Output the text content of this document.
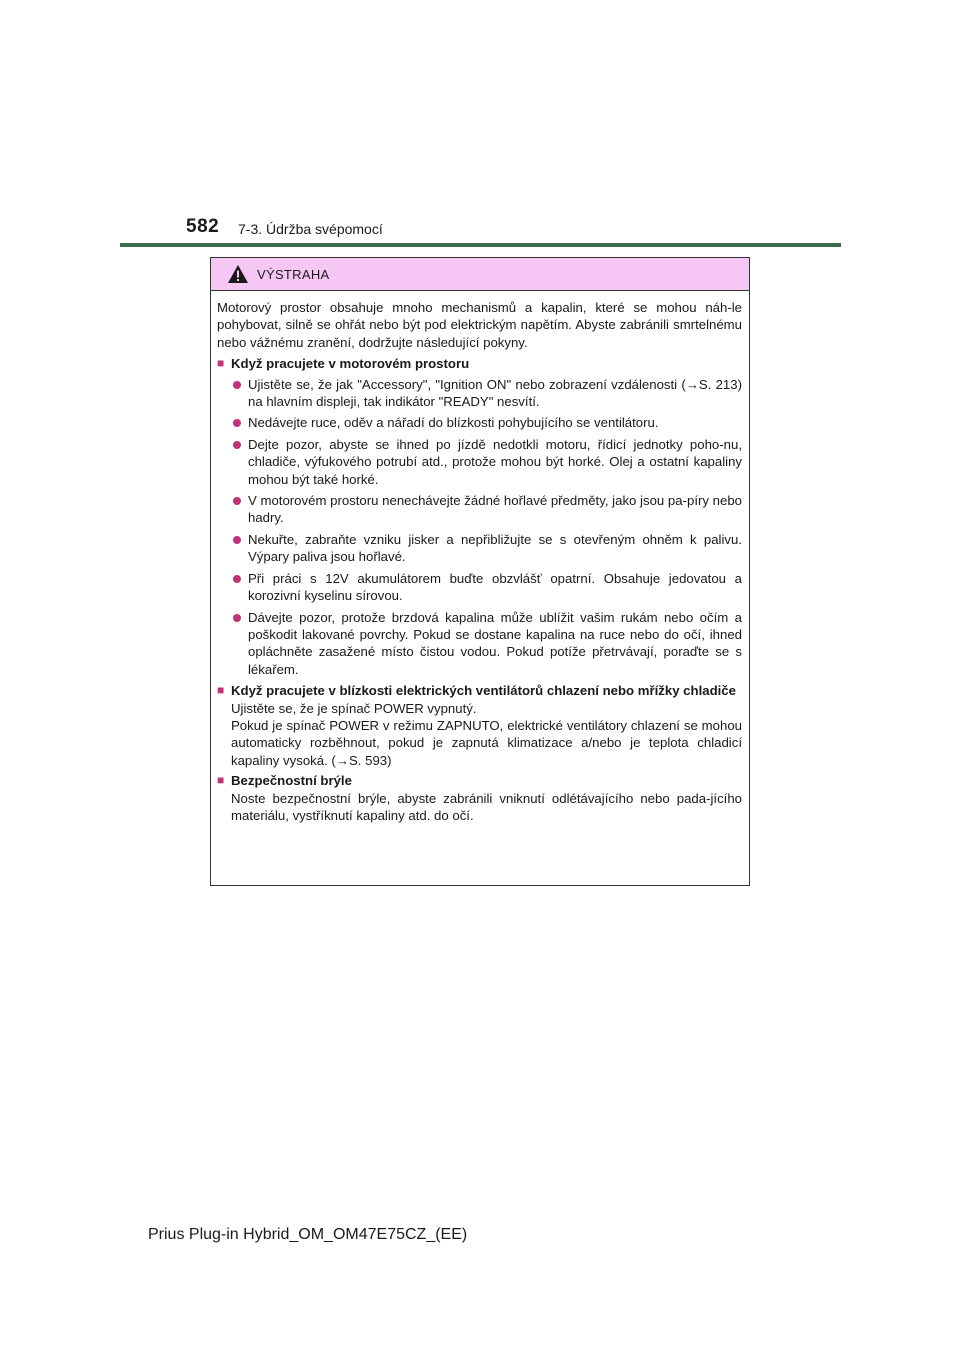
582 7-3. Údržba svépomocí
VÝSTRAHA

Motorový prostor obsahuje mnoho mechanismů a kapalin, které se mohou náh-le pohybovat, silně se ohřát nebo být pod elektrickým napětím. Abyste zabránili smrtelnému nebo vážnému zranění, dodržujte následující pokyny.

■ Když pracujete v motorovém prostoru
Ujistěte se, že jak "Accessory", "Ignition ON" nebo zobrazení vzdálenosti (→S. 213) na hlavním displeji, tak indikátor "READY" nesvítí.
Nedávejte ruce, oděv a nářadí do blízkosti pohybujícího se ventilátoru.
Dejte pozor, abyste se ihned po jízdě nedotkli motoru, řídicí jednotky poho-nu, chladiče, výfukového potrubí atd., protože mohou být horké. Olej a ostatní kapaliny mohou být také horké.
V motorovém prostoru nenechávejte žádné hořlavé předměty, jako jsou pa-píry nebo hadry.
Nekuřte, zabraňte vzniku jisker a nepřibližujte se s otevřeným ohněm k palivu. Výpary paliva jsou hořlavé.
Při práci s 12V akumulátorem buďte obzvlášť opatrní. Obsahuje jedovatou a korozivní kyselinu sírovou.
Dávejte pozor, protože brzdová kapalina může ublížit vašim rukám nebo očím a poškodit lakované povrchy. Pokud se dostane kapalina na ruce nebo do očí, ihned opláchněte zasažené místo čistou vodou. Pokud potíže přetrvávají, poraďte se s lékařem.
■ Když pracujete v blízkosti elektrických ventilátorů chlazení nebo mřížky chladiče
Ujistěte se, že je spínač POWER vypnutý.
Pokud je spínač POWER v režimu ZAPNUTO, elektrické ventilátory chlazení se mohou automaticky rozběhnout, pokud je zapnutá klimatizace a/nebo je teplota chladicí kapaliny vysoká. (→S. 593)
■ Bezpečnostní brýle
Noste bezpečnostní brýle, abyste zabránili vniknutí odlétávajícího nebo pada-jícího materiálu, vystříknutí kapaliny atd. do očí.
Prius Plug-in Hybrid_OM_OM47E75CZ_(EE)
